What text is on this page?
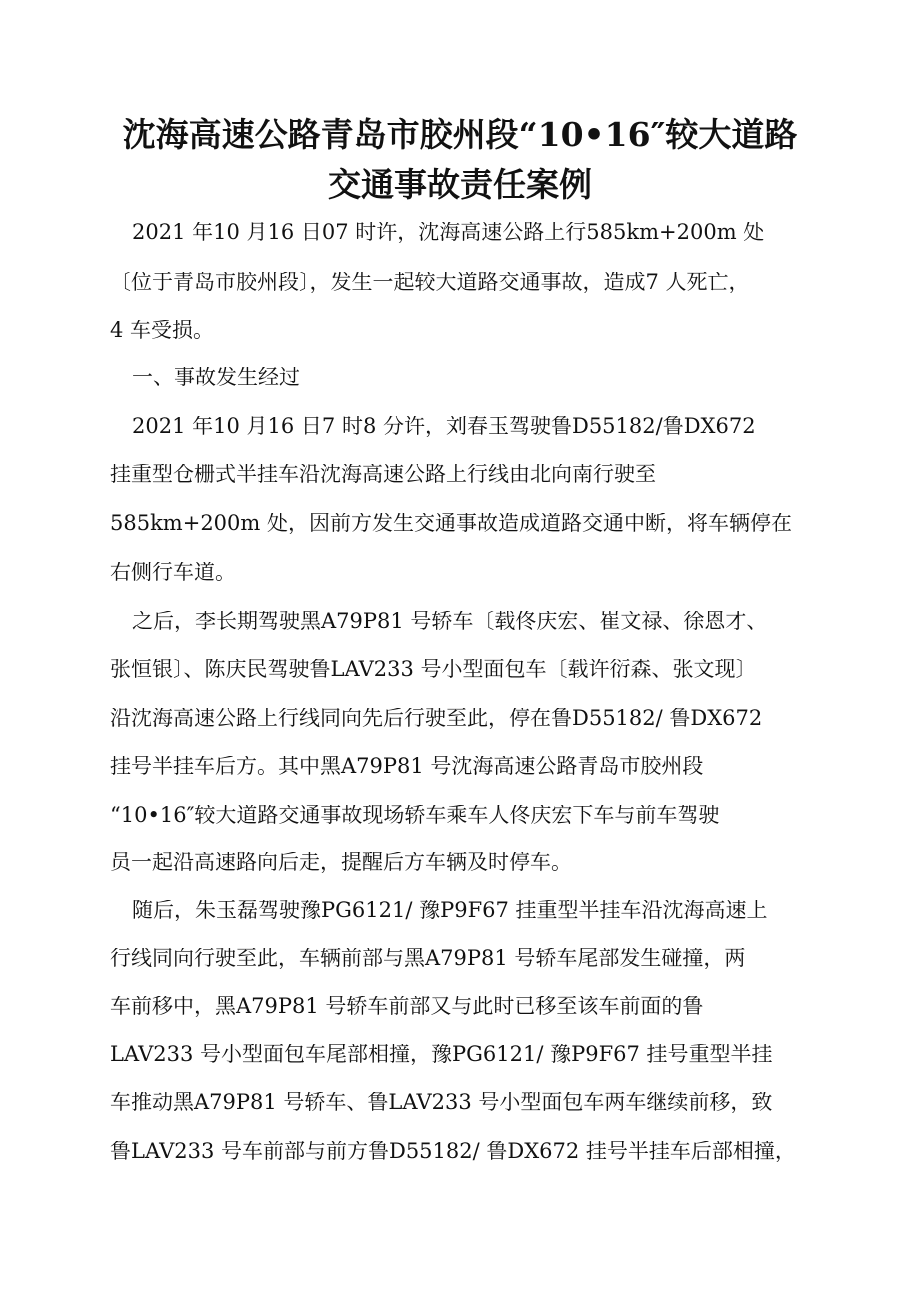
沈海高速公路青岛市胶州段“10•16″较大道路
交通事故责任案例
2021 年10 月16 日07 时许，沈海高速公路上行585km+200m 处
〔位于青岛市胶州段〕，发生一起较大道路交通事故，造成7 人死亡，
4 车受损。
一、事故发生经过
2021 年10 月16 日7 时8 分许，刘春玉驾驶鲁D55182/鲁DX672
挂重型仓栅式半挂车沿沈海高速公路上行线由北向南行驶至
585km+200m 处，因前方发生交通事故造成道路交通中断，将车辆停在
右侧行车道。
之后，李长期驾驶黑A79P81 号轿车〔载佟庆宏、崔文禄、徐恩才、
张恒银〕、陈庆民驾驶鲁LAV233 号小型面包车〔载许衍森、张文现〕
沿沈海高速公路上行线同向先后行驶至此，停在鲁D55182/ 鲁DX672
挂号半挂车后方。其中黑A79P81 号沈海高速公路青岛市胶州段
“10•16″较大道路交通事故现场轿车乘车人佟庆宏下车与前车驾驶
员一起沿高速路向后走，提醒后方车辆及时停车。
随后，朱玉磊驾驶豫PG6121/ 豫P9F67 挂重型半挂车沿沈海高速上
行线同向行驶至此，车辆前部与黑A79P81 号轿车尾部发生碰撞，两
车前移中，黑A79P81 号轿车前部又与此时已移至该车前面的鲁
LAV233 号小型面包车尾部相撞，豫PG6121/ 豫P9F67 挂号重型半挂
车推动黑A79P81 号轿车、鲁LAV233 号小型面包车两车继续前移，致
鲁LAV233 号车前部与前方鲁D55182/ 鲁DX672 挂号半挂车后部相撞，
